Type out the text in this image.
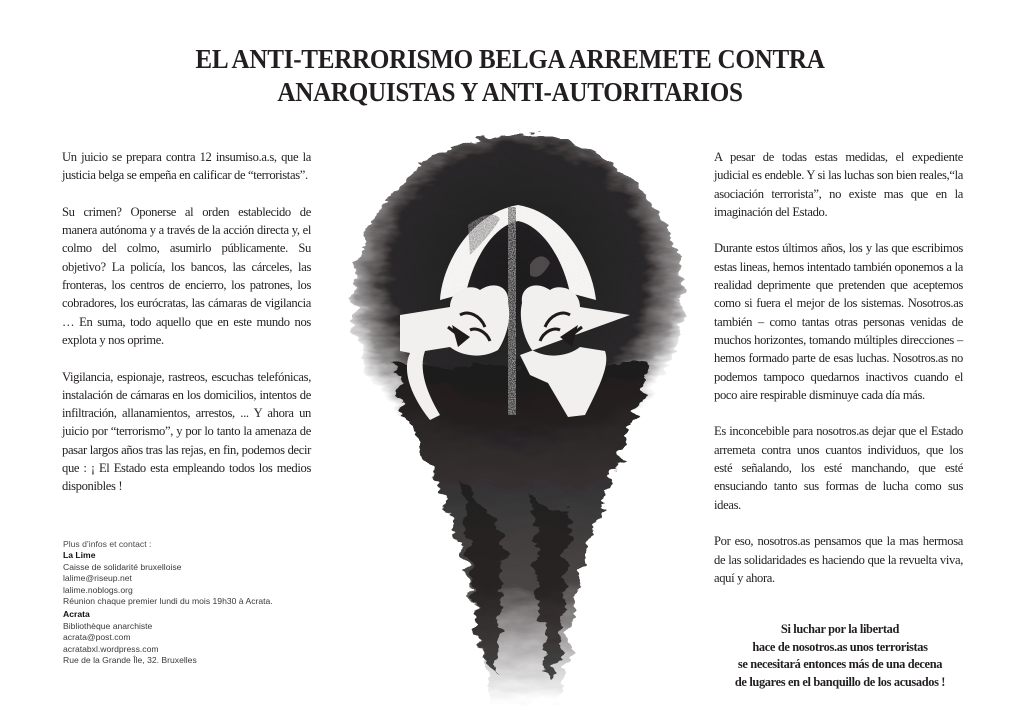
EL ANTI-TERRORISMO BELGA ARREMETE CONTRA
ANARQUISTAS Y ANTI-AUTORITARIOS

Un juicio se prepara contra 12 insumiso.a.s, que la justicia belga se empeña en calificar de “terroristas”.

Su crimen? Oponerse al orden establecido de manera autónoma y a través de la acción directa y, el colmo del colmo, asumirlo públicamente. Su objetivo? La policía, los bancos, las cárceles, las fronteras, los centros de encierro, los patrones, los cobradores, los eurócratas, las cámaras de vigilancia … En suma, todo aquello que en este mundo nos explota y nos oprime.

Vigilancia, espionaje, rastreos, escuchas telefónicas, instalación de cámaras en los domicilios, intentos de infiltración, allanamientos, arrestos, ... Y ahora un juicio por “terrorismo”, y por lo tanto la amenaza de pasar largos años tras las rejas, en fin, podemos decir que : ¡ El Estado esta empleando todos los medios disponibles !

Plus d’infos et contact :
La Lime
Caisse de solidarité bruxelloise
lalime@riseup.net
lalime.noblogs.org
Réunion chaque premier lundi du mois 19h30 à Acrata.
Acrata
Bibliothèque anarchiste
acrata@post.com
acratabxl.wordpress.com
Rue de la Grande Île, 32. Bruxelles

A pesar de todas estas medidas, el expediente judicial es endeble. Y si las luchas son bien reales,“la asociación terrorista”, no existe mas que en la imaginación del Estado.

Durante estos últimos años, los y las que escribimos estas lineas, hemos intentado también oponemos a la realidad deprimente que pretenden que aceptemos como si fuera el mejor de los sistemas. Nosotros.as también – como tantas otras personas venidas de muchos horizontes, tomando múltiples direcciones – hemos formado parte de esas luchas. Nosotros.as no podemos tampoco quedarnos inactivos cuando el poco aire respirable disminuye cada día más.

Es inconcebible para nosotros.as dejar que el Estado arremeta contra unos cuantos individuos, que los esté señalando, los esté manchando, que esté ensuciando tanto sus formas de lucha como sus ideas.

Por eso, nosotros.as pensamos que la mas hermosa de las solidaridades es haciendo que la revuelta viva, aquí y ahora.

Si luchar por la libertad
hace de nosotros.as unos terroristas
se necesitará entonces más de una decena
de lugares en el banquillo de los acusados !
